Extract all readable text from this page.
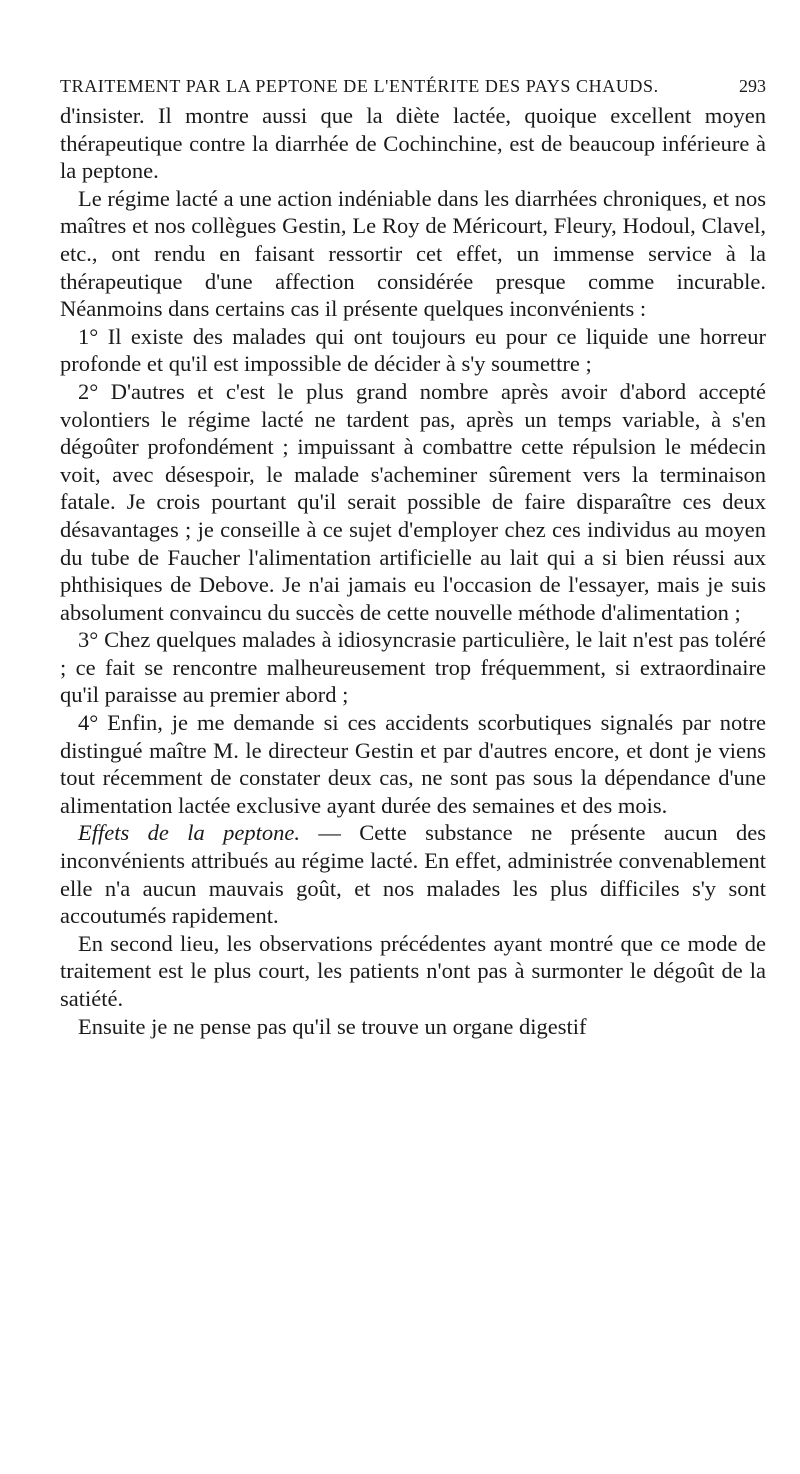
TRAITEMENT PAR LA PEPTONE DE L'ENTÉRITE DES PAYS CHAUDS.	293

d'insister. Il montre aussi que la diète lactée, quoique excellent moyen thérapeutique contre la diarrhée de Cochinchine, est de beaucoup inférieure à la peptone.

Le régime lacté a une action indéniable dans les diarrhées chroniques, et nos maîtres et nos collègues Gestin, Le Roy de Méricourt, Fleury, Hodoul, Clavel, etc., ont rendu en faisant ressortir cet effet, un immense service à la thérapeutique d'une affection considérée presque comme incurable. Néanmoins dans certains cas il présente quelques inconvénients :

1° Il existe des malades qui ont toujours eu pour ce liquide une horreur profonde et qu'il est impossible de décider à s'y soumettre ;

2° D'autres et c'est le plus grand nombre après avoir d'abord accepté volontiers le régime lacté ne tardent pas, après un temps variable, à s'en dégoûter profondément ; impuissant à combattre cette répulsion le médecin voit, avec désespoir, le malade s'acheminer sûrement vers la terminaison fatale. Je crois pourtant qu'il serait possible de faire disparaître ces deux désavantages ; je conseille à ce sujet d'employer chez ces individus au moyen du tube de Faucher l'alimentation artificielle au lait qui a si bien réussi aux phthisiques de Debove. Je n'ai jamais eu l'occasion de l'essayer, mais je suis absolument convaincu du succès de cette nouvelle méthode d'alimentation ;

3° Chez quelques malades à idiosyncrasie particulière, le lait n'est pas toléré ; ce fait se rencontre malheureusement trop fréquemment, si extraordinaire qu'il paraisse au premier abord ;

4° Enfin, je me demande si ces accidents scorbutiques signalés par notre distingué maître M. le directeur Gestin et par d'autres encore, et dont je viens tout récemment de constater deux cas, ne sont pas sous la dépendance d'une alimentation lactée exclusive ayant durée des semaines et des mois.

Effets de la peptone. — Cette substance ne présente aucun des inconvénients attribués au régime lacté. En effet, administrée convenablement elle n'a aucun mauvais goût, et nos malades les plus difficiles s'y sont accoutumés rapidement.

En second lieu, les observations précédentes ayant montré que ce mode de traitement est le plus court, les patients n'ont pas à surmonter le dégoût de la satiété.

Ensuite je ne pense pas qu'il se trouve un organe digestif
